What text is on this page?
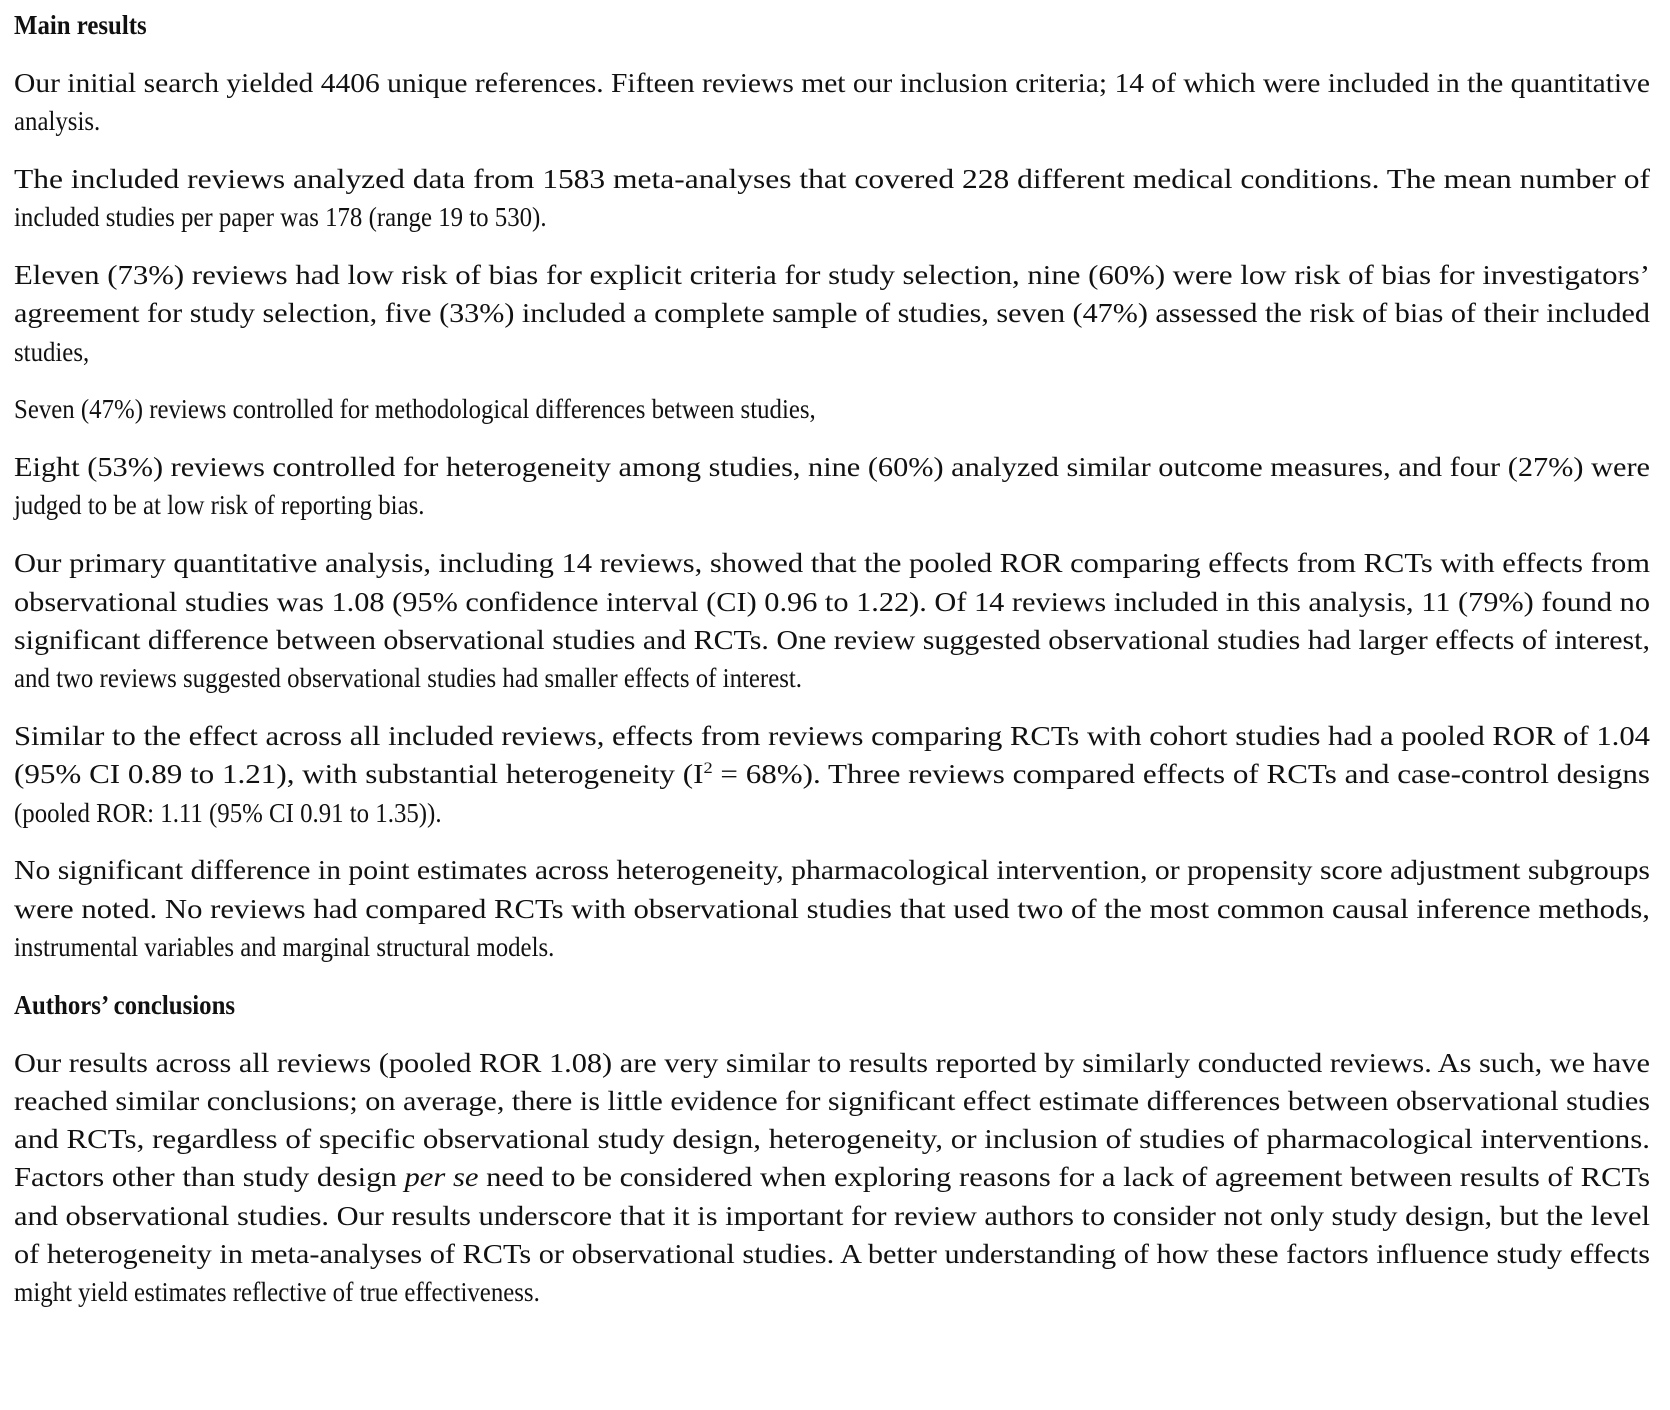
Main results
Our initial search yielded 4406 unique references. Fifteen reviews met our inclusion criteria; 14 of which were included in the quantitative
analysis.
The included reviews analyzed data from 1583 meta-analyses that covered 228 different medical conditions. The mean number of
included studies per paper was 178 (range 19 to 530).
Eleven (73%) reviews had low risk of bias for explicit criteria for study selection, nine (60%) were low risk of bias for investigators’
agreement for study selection, five (33%) included a complete sample of studies, seven (47%) assessed the risk of bias of their included
studies,
Seven (47%) reviews controlled for methodological differences between studies,
Eight (53%) reviews controlled for heterogeneity among studies, nine (60%) analyzed similar outcome measures, and four (27%) were
judged to be at low risk of reporting bias.
Our primary quantitative analysis, including 14 reviews, showed that the pooled ROR comparing effects from RCTs with effects from
observational studies was 1.08 (95% confidence interval (CI) 0.96 to 1.22). Of 14 reviews included in this analysis, 11 (79%) found no
significant difference between observational studies and RCTs. One review suggested observational studies had larger effects of interest,
and two reviews suggested observational studies had smaller effects of interest.
Similar to the effect across all included reviews, effects from reviews comparing RCTs with cohort studies had a pooled ROR of 1.04
(95% CI 0.89 to 1.21), with substantial heterogeneity $(I^2 = 68\%)$. Three reviews compared effects of RCTs and case-control designs
(pooled ROR: 1.11 (95% CI 0.91 to 1.35)).
No significant difference in point estimates across heterogeneity, pharmacological intervention, or propensity score adjustment subgroups
were noted. No reviews had compared RCTs with observational studies that used two of the most common causal inference methods,
instrumental variables and marginal structural models.
Authors’ conclusions
Our results across all reviews (pooled ROR 1.08) are very similar to results reported by similarly conducted reviews. As such, we have
reached similar conclusions; on average, there is little evidence for significant effect estimate differences between observational studies
and RCTs, regardless of specific observational study design, heterogeneity, or inclusion of studies of pharmacological interventions.
Factors other than study design per se need to be considered when exploring reasons for a lack of agreement between results of RCTs
and observational studies. Our results underscore that it is important for review authors to consider not only study design, but the level
of heterogeneity in meta-analyses of RCTs or observational studies. A better understanding of how these factors influence study effects
might yield estimates reflective of true effectiveness.
